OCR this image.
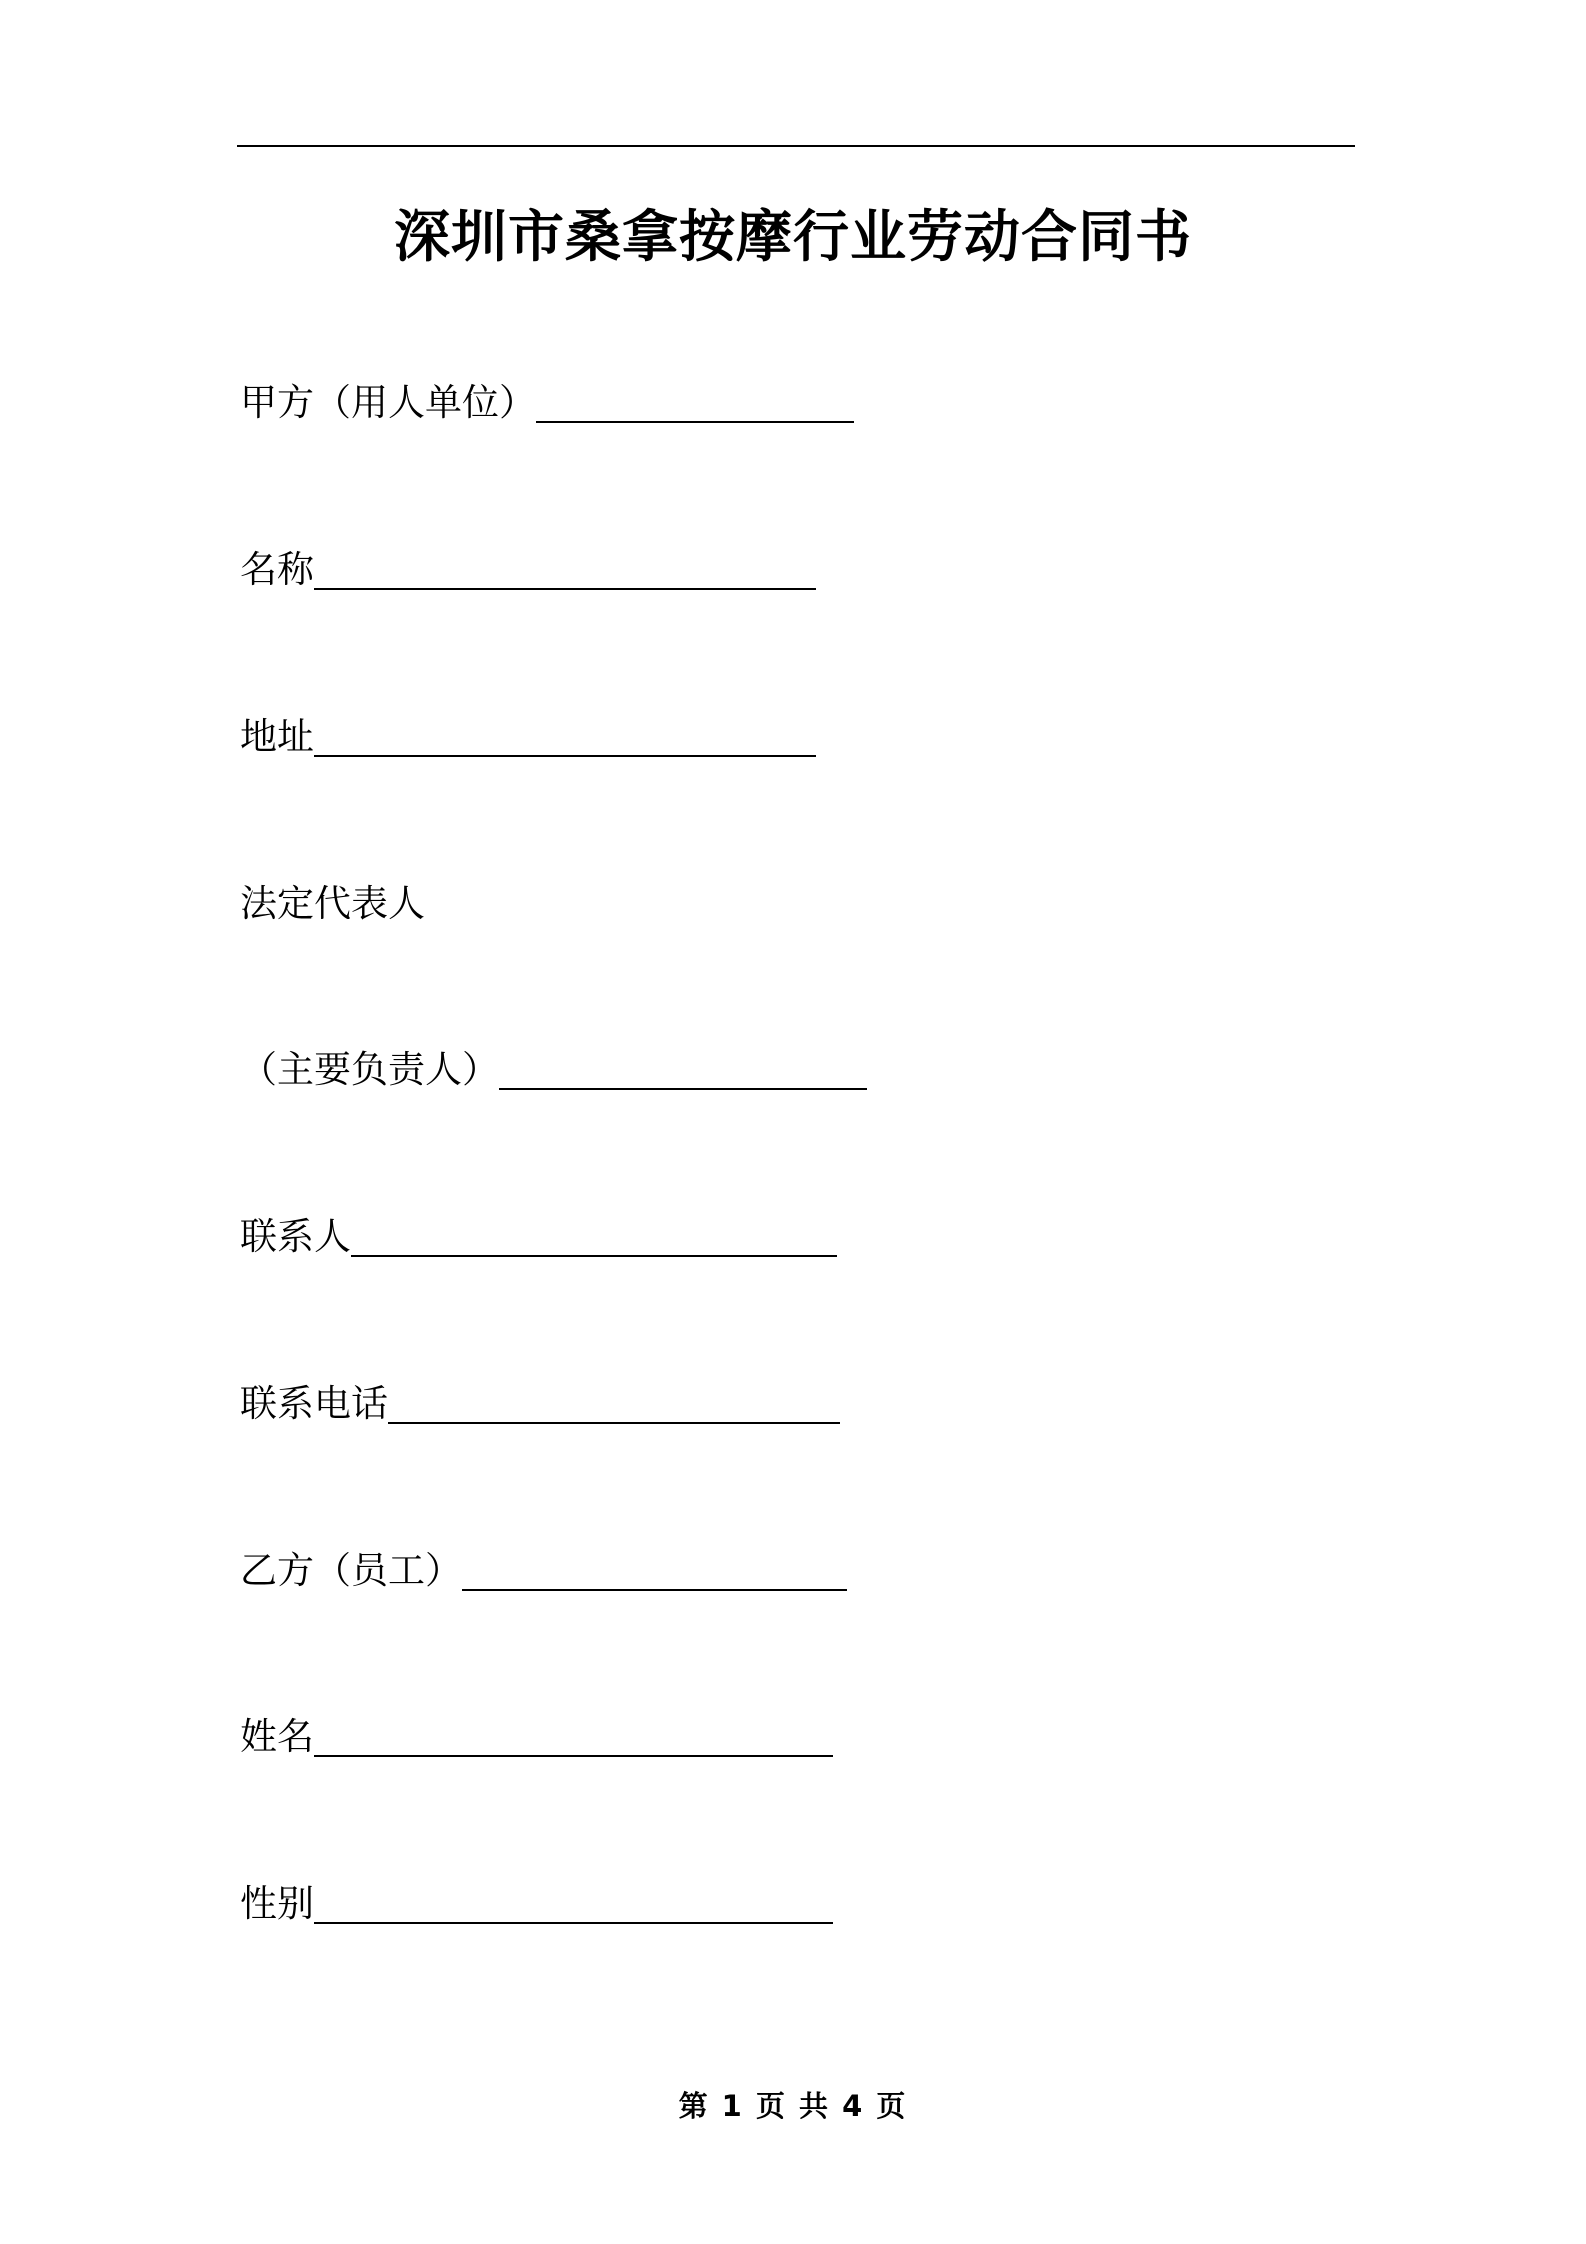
深圳市桑拿按摩行业劳动合同书
甲方（用人单位）
名称
地址
法定代表人
（主要负责人）
联系人
联系电话
乙方（员工）
姓名
性别
第 1 页 共 4 页
